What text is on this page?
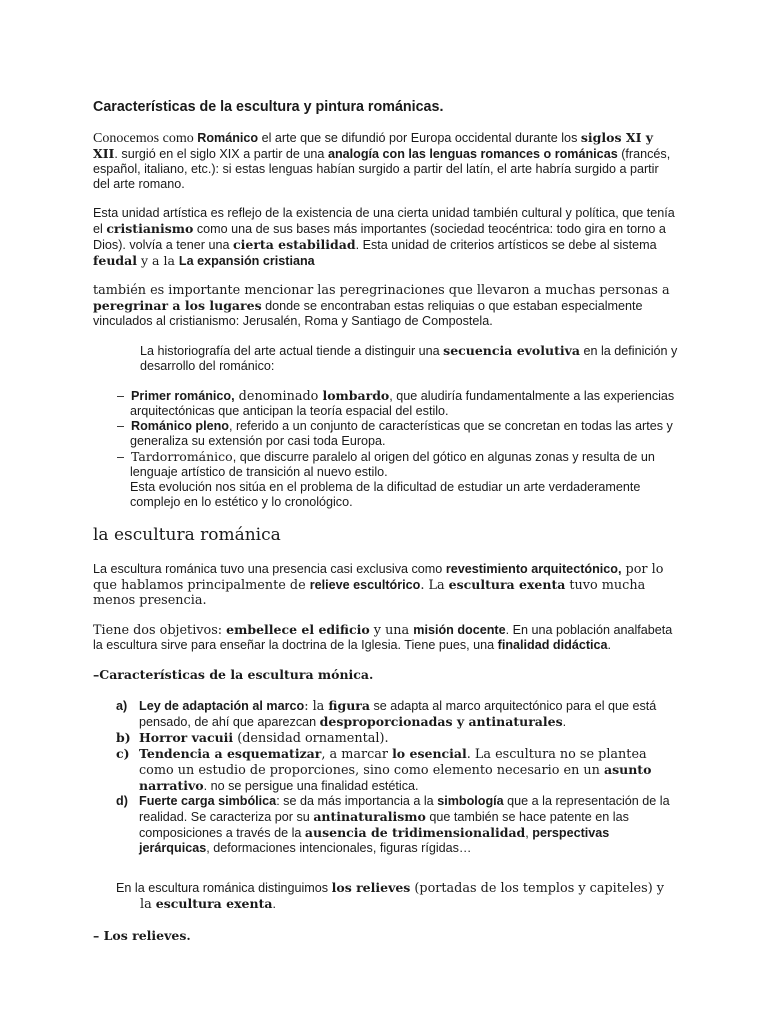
Características de la escultura y pintura románicas.

Conocemos como Románico el arte que se difundió por Europa occidental durante los siglos XI y XII. surgió en el siglo XIX a partir de una analogía con las lenguas romances o románicas (francés, español, italiano, etc.): si estas lenguas habían surgido a partir del latín, el arte habría surgido a partir del arte romano.

Esta unidad artística es reflejo de la existencia de una cierta unidad también cultural y política, que tenía el cristianismo como una de sus bases más importantes (sociedad teocéntrica: todo gira en torno a Dios). volvía a tener una cierta estabilidad. Esta unidad de criterios artísticos se debe al sistema feudal y a la La expansión cristiana

también es importante mencionar las peregrinaciones que llevaron a muchas personas a peregrinar a los lugares donde se encontraban estas reliquias o que estaban especialmente vinculados al cristianismo: Jerusalén, Roma y Santiago de Compostela.

La historiografía del arte actual tiende a distinguir una secuencia evolutiva en la definición y desarrollo del románico:

– Primer románico, denominado lombardo, que aludiría fundamentalmente a las experiencias arquitectónicas que anticipan la teoría espacial del estilo.
– Románico pleno, referido a un conjunto de características que se concretan en todas las artes y generaliza su extensión por casi toda Europa.
– Tardorrománico, que discurre paralelo al origen del gótico en algunas zonas y resulta de un lenguaje artístico de transición al nuevo estilo.
Esta evolución nos sitúa en el problema de la dificultad de estudiar un arte verdaderamente complejo en lo estético y lo cronológico.

la escultura románica

La escultura románica tuvo una presencia casi exclusiva como revestimiento arquitectónico, por lo que hablamos principalmente de relieve escultórico. La escultura exenta tuvo mucha menos presencia.

Tiene dos objetivos: embellece el edificio y una misión docente. En una población analfabeta la escultura sirve para enseñar la doctrina de la Iglesia. Tiene pues, una finalidad didáctica.

–Características de la escultura mónica.

a) Ley de adaptación al marco: la figura se adapta al marco arquitectónico para el que está pensado, de ahí que aparezcan desproporcionadas y antinaturales.
b) Horror vacuii (densidad ornamental).
c) Tendencia a esquematizar, a marcar lo esencial. La escultura no se plantea como un estudio de proporciones, sino como elemento necesario en un asunto narrativo. no se persigue una finalidad estética.
d) Fuerte carga simbólica: se da más importancia a la simbología que a la representación de la realidad. Se caracteriza por su antinaturalismo que también se hace patente en las composiciones a través de la ausencia de tridimensionalidad, perspectivas jerárquicas, deformaciones intencionales, figuras rígidas…

En la escultura románica distinguimos los relieves (portadas de los templos y capiteles) y la escultura exenta.

– Los relieves.
